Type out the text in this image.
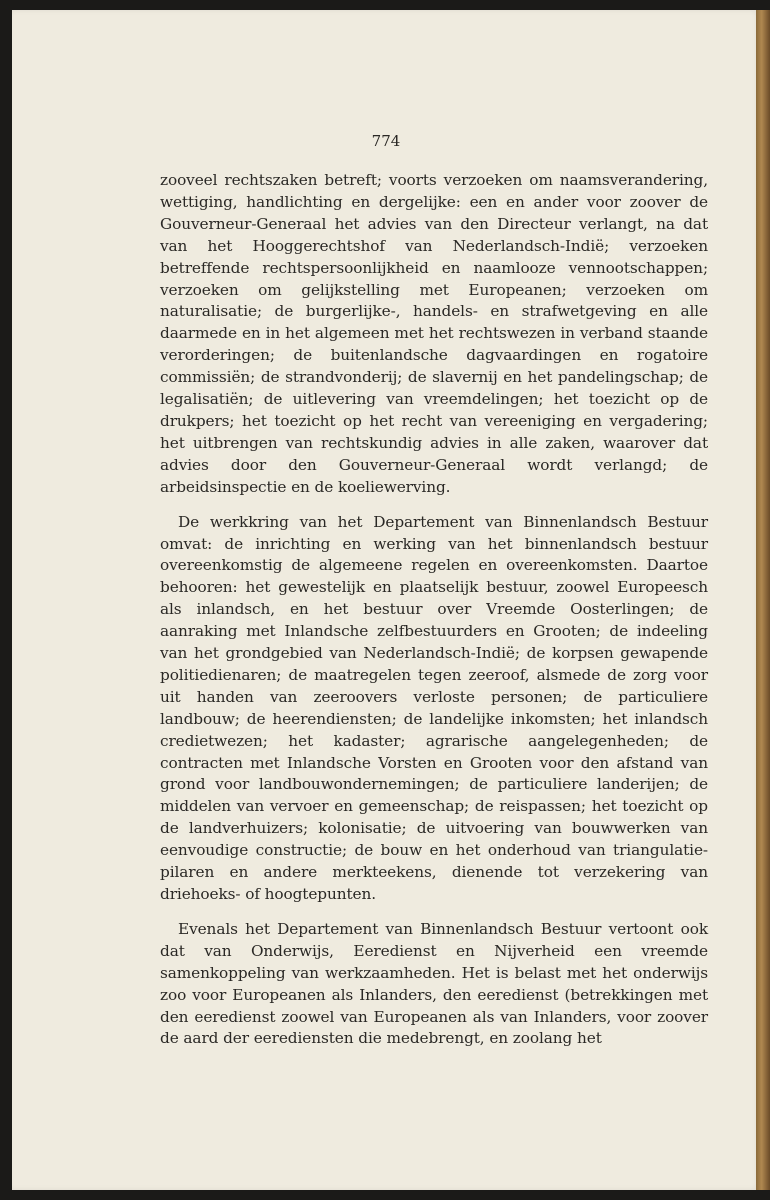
774

zooveel rechtszaken betreft; voorts verzoeken om naamsverandering, wettiging, handlichting en dergelijke: een en ander voor zoover de Gouverneur-Generaal het advies van den Directeur verlangt, na dat van het Hooggerechtshof van Nederlandsch-Indië; verzoeken betreffende rechtspersoonlijkheid en naamlooze vennootschappen; verzoeken om gelijkstelling met Europeanen; verzoeken om naturalisatie; de burgerlijke-, handels- en strafwetgeving en alle daarmede en in het algemeen met het rechtswezen in verband staande verorderingen; de buitenlandsche dagvaardingen en rogatoire commissiën; de strandvonderij; de slavernij en het pandelingschap; de legalisatiën; de uitlevering van vreemdelingen; het toezicht op de drukpers; het toezicht op het recht van vereeniging en vergadering; het uitbrengen van rechtskundig advies in alle zaken, waarover dat advies door den Gouverneur-Generaal wordt verlangd; de arbeidsinspectie en de koeliewerving.

De werkkring van het Departement van Binnenlandsch Bestuur omvat: de inrichting en werking van het binnenlandsch bestuur overeenkomstig de algemeene regelen en overeenkomsten. Daartoe behooren: het gewestelijk en plaatselijk bestuur, zoowel Europeesch als inlandsch, en het bestuur over Vreemde Oosterlingen; de aanraking met Inlandsche zelfbestuurders en Grooten; de indeeling van het grondgebied van Nederlandsch-Indië; de korpsen gewapende politiedienaren; de maatregelen tegen zeeroof, alsmede de zorg voor uit handen van zeeroovers verloste personen; de particuliere landbouw; de heerendiensten; de landelijke inkomsten; het inlandsch credietwezen; het kadaster; agrarische aangelegenheden; de contracten met Inlandsche Vorsten en Grooten voor den afstand van grond voor landbouwondernemingen; de particuliere landerijen; de middelen van vervoer en gemeenschap; de reispassen; het toezicht op de landverhuizers; kolonisatie; de uitvoering van bouwwerken van eenvoudige constructie; de bouw en het onderhoud van triangulatie-pilaren en andere merkteekens, dienende tot verzekering van driehoeks- of hoogtepunten.

Evenals het Departement van Binnenlandsch Bestuur vertoont ook dat van Onderwijs, Eeredienst en Nijverheid een vreemde samenkoppeling van werkzaamheden. Het is belast met het onderwijs zoo voor Europeanen als Inlanders, den eeredienst (betrekkingen met den eeredienst zoowel van Europeanen als van Inlanders, voor zoover de aard der eerediensten die medebrengt, en zoolang het
